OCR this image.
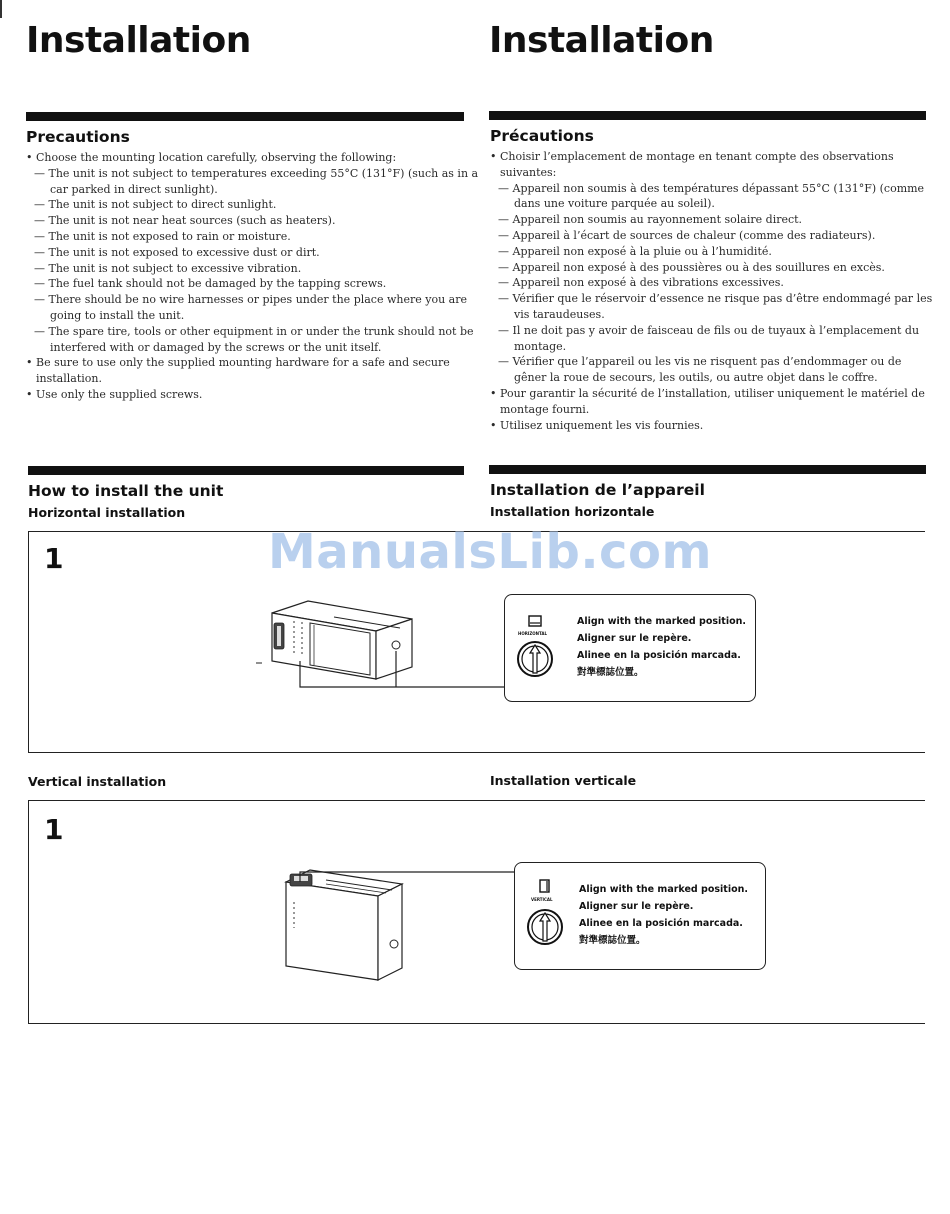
Installation	Installation
Precautions	Précautions
• Choose the mounting location carefully, observing the following:
— The unit is not subject to temperatures exceeding 55°C (131°F) (such as in a
car parked in direct sunlight).
— The unit is not subject to direct sunlight.
— The unit is not near heat sources (such as heaters).
— The unit is not exposed to rain or moisture.
— The unit is not exposed to excessive dust or dirt.
— The unit is not subject to excessive vibration.
— The fuel tank should not be damaged by the tapping screws.
— There should be no wire harnesses or pipes under the place where you are
going to install the unit.
— The spare tire, tools or other equipment in or under the trunk should not be
interfered with or damaged by the screws or the unit itself.
• Be sure to use only the supplied mounting hardware for a safe and secure
installation.
• Use only the supplied screws.
• Choisir l’emplacement de montage en tenant compte des observations
suivantes:
— Appareil non soumis à des températures dépassant 55°C (131°F) (comme
dans une voiture parquée au soleil).
— Appareil non soumis au rayonnement solaire direct.
— Appareil à l’écart de sources de chaleur (comme des radiateurs).
— Appareil non exposé à la pluie ou à l’humidité.
— Appareil non exposé à des poussières ou à des souillures en excès.
— Appareil non exposé à des vibrations excessives.
— Vérifier que le réservoir d’essence ne risque pas d’être endommagé par les
vis taraudeuses.
— Il ne doit pas y avoir de faisceau de fils ou de tuyaux à l’emplacement du
montage.
— Vérifier que l’appareil ou les vis ne risquent pas d’endommager ou de
gêner la roue de secours, les outils, ou autre objet dans le coffre.
• Pour garantir la sécurité de l’installation, utiliser uniquement le matériel de
montage fourni.
• Utilisez uniquement les vis fournies.
How to install the unit	Installation de l’appareil
Horizontal installation	Installation horizontale
1	ManualsLib.com
HORIZONTAL
Align with the marked position.
Aligner sur le repère.
Alinee en la posición marcada.
對準標誌位置。
Vertical installation	Installation verticale
1
VERTICAL
Align with the marked position.
Aligner sur le repère.
Alinee en la posición marcada.
對準標誌位置。
